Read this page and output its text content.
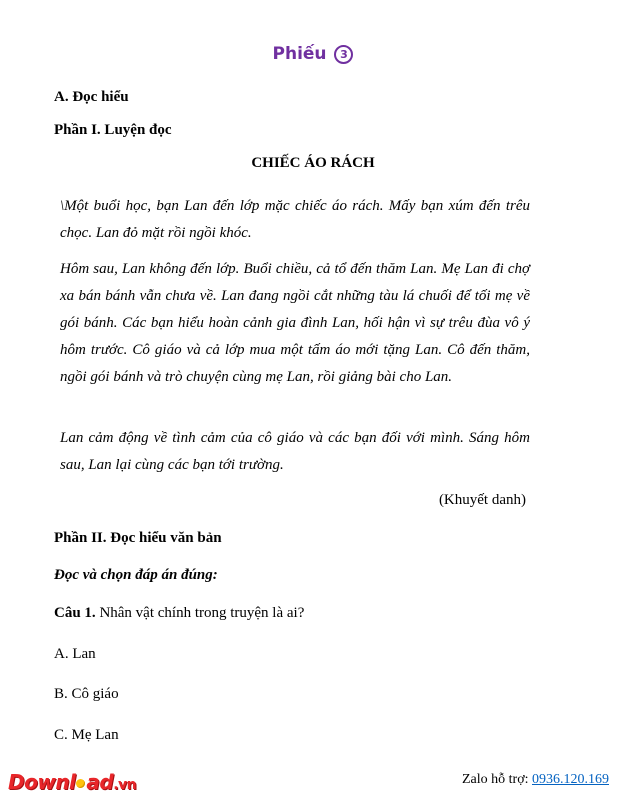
Phiếu 3
A. Đọc hiểu
Phần I. Luyện đọc
CHIẾC ÁO RÁCH
\Một buổi học, bạn Lan đến lớp mặc chiếc áo rách. Mấy bạn xúm đến trêu chọc. Lan đỏ mặt rồi ngồi khóc.
Hôm sau, Lan không đến lớp. Buổi chiều, cả tổ đến thăm Lan. Mẹ Lan đi chợ xa bán bánh vẫn chưa về. Lan đang ngồi cắt những tàu lá chuối để tối mẹ về gói bánh. Các bạn hiểu hoàn cảnh gia đình Lan, hối hận vì sự trêu đùa vô ý hôm trước. Cô giáo và cả lớp mua một tấm áo mới tặng Lan. Cô đến thăm, ngồi gói bánh và trò chuyện cùng mẹ Lan, rồi giảng bài cho Lan.
Lan cảm động về tình cảm của cô giáo và các bạn đối với mình. Sáng hôm sau, Lan lại cùng các bạn tới trường.
(Khuyết danh)
Phần II. Đọc hiểu văn bản
Đọc và chọn đáp án đúng:
Câu 1. Nhân vật chính trong truyện là ai?
A. Lan
B. Cô giáo
C. Mẹ Lan
Downl ad.vn	Zalo hỗ trợ: 0936.120.169
